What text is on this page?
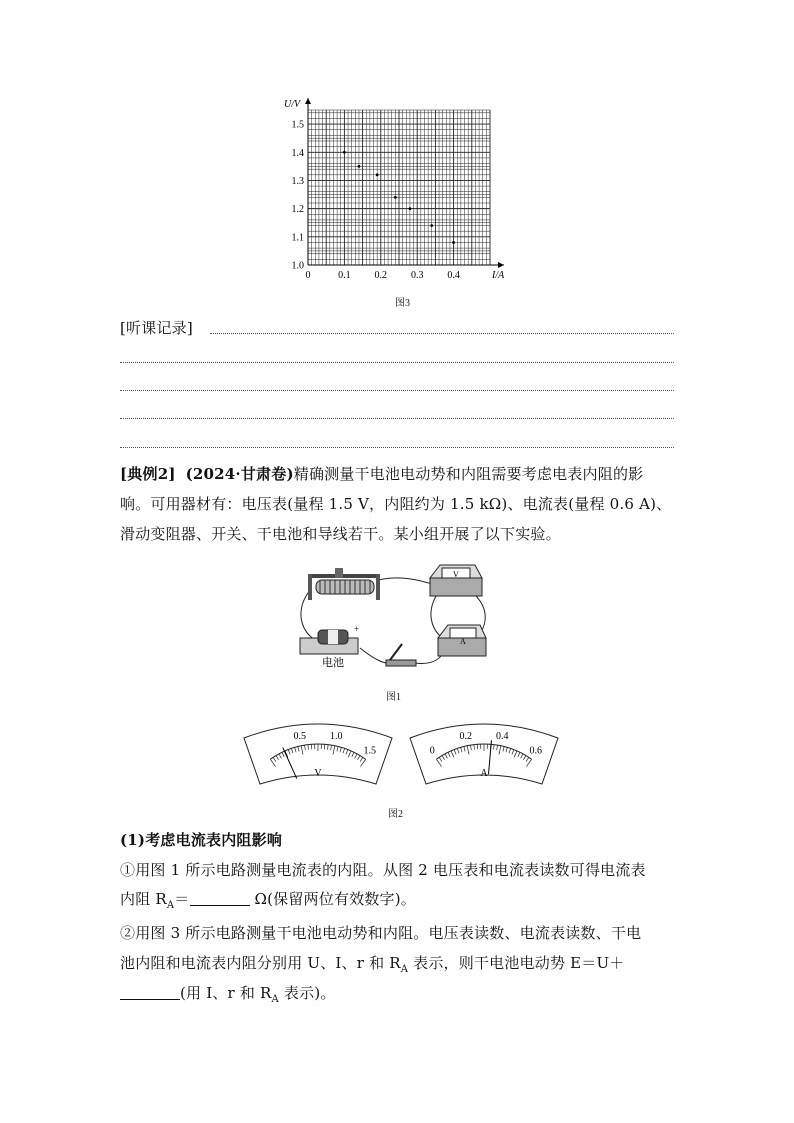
1.0
1.1
1.2
1.3
1.4
1.5
0	0.1 0.2 0.3 0.4
U/V
I/A
图3
[听课记录]
[典例2] (2024·甘肃卷)精确测量干电池电动势和内阻需要考虑电表内阻的影
响。可用器材有：电压表(量程 1.5 V，内阻约为 1.5 kΩ)、电流表(量程 0.6 A)、
滑动变阻器、开关、干电池和导线若干。某小组开展了以下实验。
V
A
+
电池
图1
0.5 1.0
1.5
V
0
0.2 0.4
0.6
A
图2
(1)考虑电流表内阻影响
①用图 1 所示电路测量电流表的内阻。从图 2 电压表和电流表读数可得电流表
内阻 $R_A=$	Ω(保留两位有效数字)。
②用图 3 所示电路测量干电池电动势和内阻。电压表读数、电流表读数、干电
池内阻和电流表内阻分别用 U、I、r 和 $R_A$ 表示，则干电池电动势 E＝U＋
(用 I、r 和 $R_A$ 表示)。
